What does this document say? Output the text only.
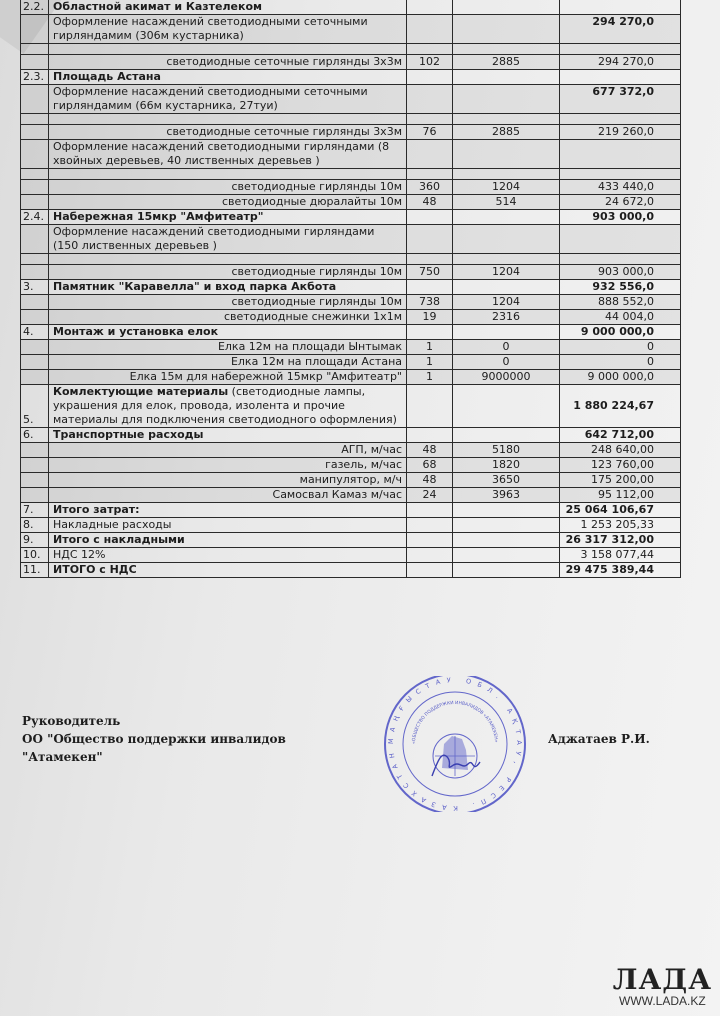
2.2.	Областной акимат и Казтелеком			
	Оформление насаждений светодиодными сеточными гирляндамим (306м кустарника)			294 270,0

	светодиодные сеточные гирлянды 3х3м	102	2885	294 270,0
2.3.	Площадь Астана			
	Оформление насаждений светодиодными сеточными гирляндамим (66м кустарника, 27туи)			677 372,0

	светодиодные сеточные гирлянды 3х3м	76	2885	219 260,0
	Оформление насаждений светодиодными гирляндами (8 хвойных деревьев, 40 лиственных деревьев )			

	светодиодные гирлянды 10м	360	1204	433 440,0
	светодиодные дюралайты 10м	48	514	24 672,0
2.4.	Набережная 15мкр "Амфитеатр"			903 000,0
	Оформление насаждений светодиодными гирляндами (150 лиственных деревьев )			

	светодиодные гирлянды 10м	750	1204	903 000,0
3.	Памятник "Каравелла" и вход парка Акбота			932 556,0
	светодиодные гирлянды 10м	738	1204	888 552,0
	светодиодные снежинки 1х1м	19	2316	44 004,0
4.	Монтаж и установка елок			9 000 000,0
	Елка 12м на площади Ынтымак	1	0	0
	Елка 12м на площади Астана	1	0	0
	Елка 15м для набережной 15мкр "Амфитеатр"	1	9000000	9 000 000,0
5.	Комлектующие материалы (светодиодные лампы, украшения для елок, провода, изолента и прочие материалы для подключения светодиодного оформления)			1 880 224,67
6.	Транспортные расходы			642 712,00
	АГП, м/час	48	5180	248 640,00
	газель, м/час	68	1820	123 760,00
	манипулятор, м/ч	48	3650	175 200,00
	Самосвал Камаз м/час	24	3963	95 112,00
7.	Итого затрат:			25 064 106,67
8.	Накладные расходы			1 253 205,33
9.	Итого с накладными			26 317 312,00
10.	НДС 12%			3 158 077,44
11.	ИТОГО с НДС			29 475 389,44
Руководитель
ОО "Общество поддержки инвалидов "Атамекен"
Аджатаев Р.И.
МАҢҒЫСТАУ ОБЛ. АҚТАУ, РЕСП. КАЗАХСТАН
«ОБЩЕСТВО ПОДДЕРЖКИ ИНВАЛИДОВ «АТАМЕКЕН»
ЛАДА
WWW.LADA.KZ
